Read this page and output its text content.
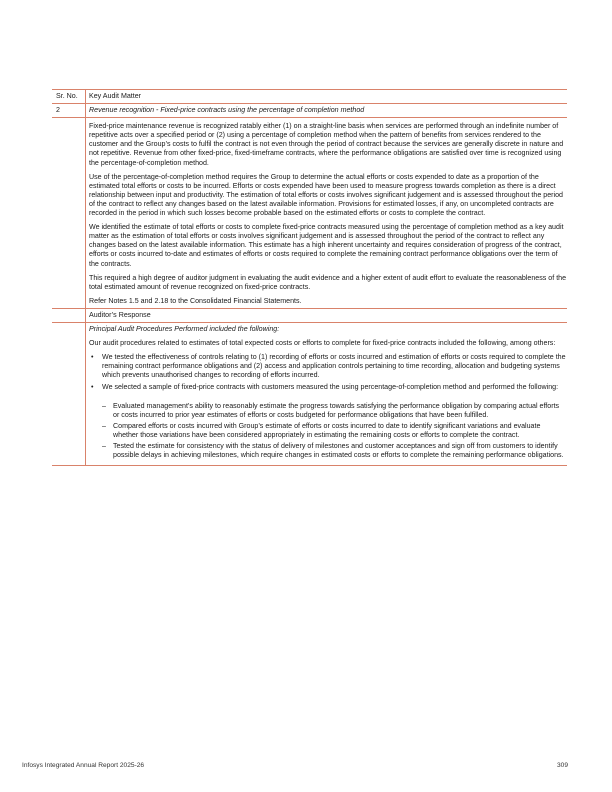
Sr. No.	Key Audit Matter
2	Revenue recognition - Fixed-price contracts using the percentage of completion method

Fixed-price maintenance revenue is recognized ratably either (1) on a straight-line basis when services are performed through an indefinite number of repetitive acts over a specified period or (2) using a percentage of completion method when the pattern of benefits from services rendered to the customer and the Group’s costs to fulfil the contract is not even through the period of contract because the services are generally discrete in nature and not repetitive. Revenue from other fixed-price, fixed-timeframe contracts, where the performance obligations are satisfied over time is recognized using the percentage-of-completion method.

Use of the percentage-of-completion method requires the Group to determine the actual efforts or costs expended to date as a proportion of the estimated total efforts or costs to be incurred. Efforts or costs expended have been used to measure progress towards completion as there is a direct relationship between input and productivity. The estimation of total efforts or costs involves significant judgement and is assessed throughout the period of the contract to reflect any changes based on the latest available information. Provisions for estimated losses, if any, on uncompleted contracts are recorded in the period in which such losses become probable based on the estimated efforts or costs to complete the contract.

We identified the estimate of total efforts or costs to complete fixed-price contracts measured using the percentage of completion method as a key audit matter as the estimation of total efforts or costs involves significant judgement and is assessed throughout the period of the contract to reflect any changes based on the latest available information. This estimate has a high inherent uncertainty and requires consideration of progress of the contract, efforts or costs incurred to-date and estimates of efforts or costs required to complete the remaining contract performance obligations over the term of the contracts.

This required a high degree of auditor judgment in evaluating the audit evidence and a higher extent of audit effort to evaluate the reasonableness of the total estimated amount of revenue recognized on fixed-price contracts.

Refer Notes 1.5 and 2.18 to the Consolidated Financial Statements.

Auditor’s Response

Principal Audit Procedures Performed included the following:

Our audit procedures related to estimates of total expected costs or efforts to complete for fixed-price contracts included the following, among others:

• We tested the effectiveness of controls relating to (1) recording of efforts or costs incurred and estimation of efforts or costs required to complete the remaining contract performance obligations and (2) access and application controls pertaining to time recording, allocation and budgeting systems which prevents unauthorised changes to recording of efforts incurred.
• We selected a sample of fixed-price contracts with customers measured the using percentage-of-completion method and performed the following:
– Evaluated management’s ability to reasonably estimate the progress towards satisfying the performance obligation by comparing actual efforts or costs incurred to prior year estimates of efforts or costs budgeted for performance obligations that have been fulfilled.
– Compared efforts or costs incurred with Group’s estimate of efforts or costs incurred to date to identify significant variations and evaluate whether those variations have been considered appropriately in estimating the remaining costs or efforts to complete the contract.
– Tested the estimate for consistency with the status of delivery of milestones and customer acceptances and sign off from customers to identify possible delays in achieving milestones, which require changes in estimated costs or efforts to complete the remaining performance obligations.
Infosys Integrated Annual Report 2025-26	309
